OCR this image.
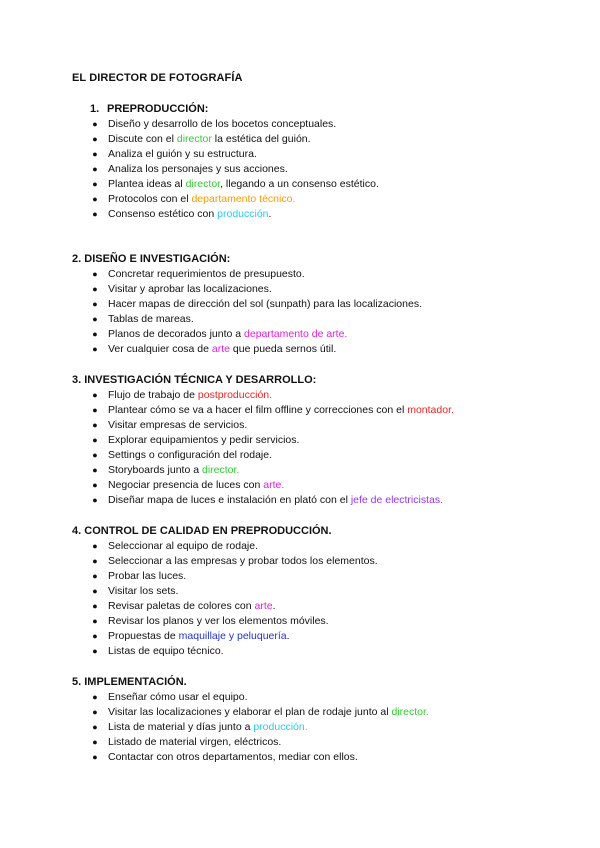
EL DIRECTOR DE FOTOGRAFÍA
1. PREPRODUCCIÓN:
● Diseño y desarrollo de los bocetos conceptuales.
● Discute con el director la estética del guión.
● Analiza el guión y su estructura.
● Analiza los personajes y sus acciones.
● Plantea ideas al director, llegando a un consenso estético.
● Protocolos con el departamento técnico.
● Consenso estético con producción.
2. DISEÑO E INVESTIGACIÓN:
● Concretar requerimientos de presupuesto.
● Visitar y aprobar las localizaciones.
● Hacer mapas de dirección del sol (sunpath) para las localizaciones.
● Tablas de mareas.
● Planos de decorados junto a departamento de arte.
● Ver cualquier cosa de arte que pueda sernos útil.
3. INVESTIGACIÓN TÉCNICA Y DESARROLLO:
● Flujo de trabajo de postproducción.
● Plantear cómo se va a hacer el film offline y correcciones con el montador.
● Visitar empresas de servicios.
● Explorar equipamientos y pedir servicios.
● Settings o configuración del rodaje.
● Storyboards junto a director.
● Negociar presencia de luces con arte.
● Diseñar mapa de luces e instalación en plató con el jefe de electricistas.
4. CONTROL DE CALIDAD EN PREPRODUCCIÓN.
● Seleccionar al equipo de rodaje.
● Seleccionar a las empresas y probar todos los elementos.
● Probar las luces.
● Visitar los sets.
● Revisar paletas de colores con arte.
● Revisar los planos y ver los elementos móviles.
● Propuestas de maquillaje y peluquería.
● Listas de equipo técnico.
5. IMPLEMENTACIÓN.
● Enseñar cómo usar el equipo.
● Visitar las localizaciones y elaborar el plan de rodaje junto al director.
● Lista de material y días junto a producción.
● Listado de material virgen, eléctricos.
● Contactar con otros departamentos, mediar con ellos.
